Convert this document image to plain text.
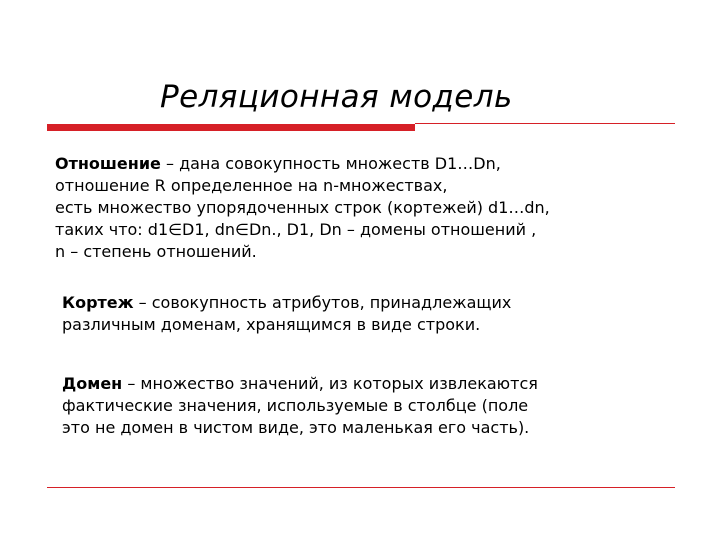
Реляционная модель
Отношение – дана совокупность множеств D1…Dn,
отношение R определенное на n-множествах,
есть множество упорядоченных строк (кортежей) d1…dn,
таких что: d1∈D1, dn∈Dn., D1, Dn – домены отношений ,
n – степень отношений.
Кортеж – совокупность атрибутов, принадлежащих
различным доменам, хранящимся в виде строки.
Домен – множество значений, из которых извлекаются
фактические значения, используемые в столбце (поле
это не домен в чистом виде, это маленькая его часть).
